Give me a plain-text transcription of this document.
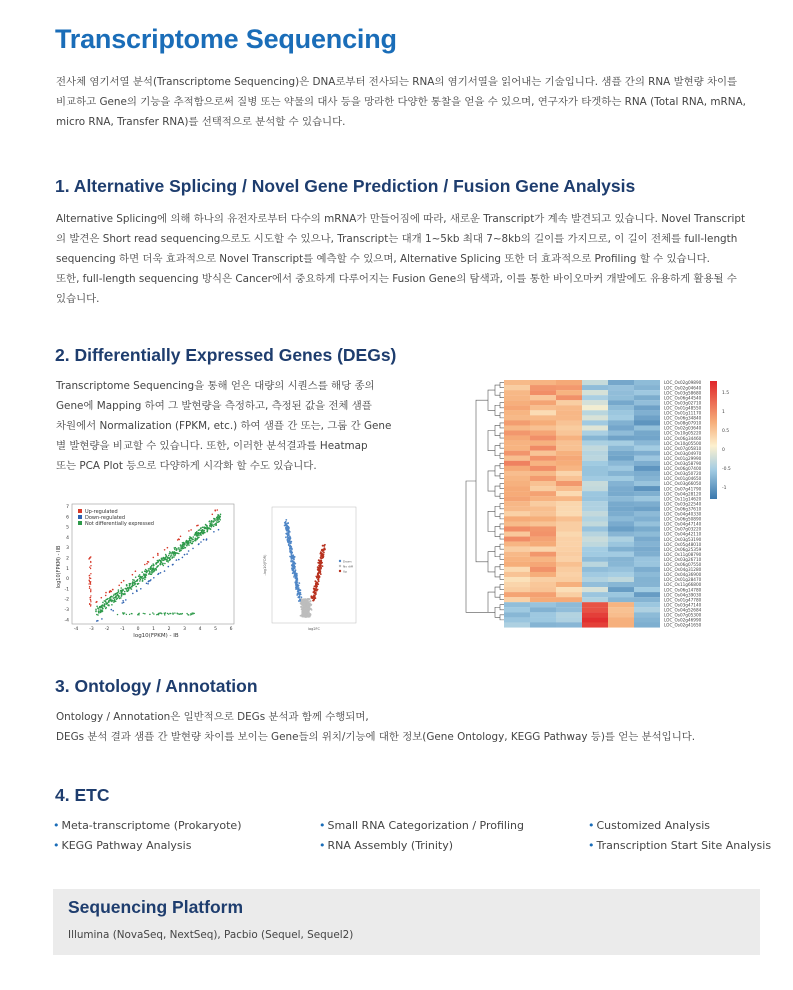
Transcriptome Sequencing
전사체 염기서열 분석(Transcriptome Sequencing)은 DNA로부터 전사되는 RNA의 염기서열을 읽어내는 기술입니다. 샘플 간의 RNA 발현량 차이를
비교하고 Gene의 기능을 추적함으로써 질병 또는 약물의 대사 등을 망라한 다양한 통찰을 얻을 수 있으며, 연구자가 타겟하는 RNA (Total RNA, mRNA,
micro RNA, Transfer RNA)를 선택적으로 분석할 수 있습니다.
1. Alternative Splicing / Novel Gene Prediction / Fusion Gene Analysis
Alternative Splicing에 의해 하나의 유전자로부터 다수의 mRNA가 만들어짐에 따라, 새로운 Transcript가 계속 발견되고 있습니다. Novel Transcript
의 발견은 Short read sequencing으로도 시도할 수 있으나, Transcript는 대개 1~5kb 최대 7~8kb의 길이를 가지므로, 이 길이 전체를 full-length
sequencing 하면 더욱 효과적으로 Novel Transcript를 예측할 수 있으며, Alternative Splicing 또한 더 효과적으로 Profiling 할 수 있습니다.
또한, full-length sequencing 방식은 Cancer에서 중요하게 다루어지는 Fusion Gene의 탐색과, 이를 통한 바이오마커 개발에도 유용하게 활용될 수
있습니다.
2. Differentially Expressed Genes (DEGs)
Transcriptome Sequencing을 통해 얻은 대량의 시퀀스를 해당 종의
Gene에 Mapping 하여 그 발현량을 측정하고, 측정된 값을 전체 샘플
차원에서 Normalization (FPKM, etc.) 하여 샘플 간 또는, 그룹 간 Gene
별 발현량을 비교할 수 있습니다. 또한, 이러한 분석결과를 Heatmap
또는 PCA Plot 등으로 다양하게 시각화 할 수도 있습니다.
Up-regulated
Down-regulated
Not differentially expressed
-4 -3 -2 -1	0	1	2	3	4	5	6
7
6
5
4
3
2
1
0
-1
-2
-3
-4
log10(FPKM) - IB
log10(FPKM) - IIB	Down
No diff
Up
log2FC
-log10(FDR)
LOC_Os02g09890
LOC_Os02g04640
LOC_Os03g58680
LOC_Os06g44540
LOC_Os03g02710
LOC_Os01g48550
LOC_Os01g11170
LOC_Os06g34840
LOC_Os08g07910
LOC_Os02g03640
LOC_Os10g05220
LOC_Os06g34460
LOC_Os10g05500
LOC_Os07g05810
LOC_Os03g04970
LOC_Os01g29990
LOC_Os03g58790
LOC_Os06g07400
LOC_Os03g50720
LOC_Os01g04650
LOC_Os03g66050
LOC_Os07g41790
LOC_Os04g28120
LOC_Os11g14620
LOC_Os03g22540
LOC_Os06g37610
LOC_Os04g40330
LOC_Os06g50890
LOC_Os04g47140
LOC_Os07g03220
LOC_Os04g42110
LOC_Os03g53190
LOC_Os05g48010
LOC_Os06g25359
LOC_Os11g08790
LOC_Os03g26710
LOC_Os06g07550
LOC_Os04g31280
LOC_Os04g36900
LOC_Os01g28470
LOC_Os11g66800
LOC_Os06g14780
LOC_Os04g39030
LOC_Os01g47780
LOC_Os03g47140
LOC_Os04g52684
LOC_Os07g05300
LOC_Os02g46990
LOC_Os02g41650
1.5
1
0.5
0
-0.5
-1
3. Ontology / Annotation
Ontology / Annotation은 일반적으로 DEGs 분석과 함께 수행되며,
DEGs 분석 결과 샘플 간 발현량 차이를 보이는 Gene들의 위치/기능에 대한 정보(Gene Ontology, KEGG Pathway 등)를 얻는 분석입니다.
4. ETC
• Meta-transcriptome (Prokaryote)	• Small RNA Categorization / Profiling	• Customized Analysis
• KEGG Pathway Analysis	• RNA Assembly (Trinity)	• Transcription Start Site Analysis
Sequencing Platform
Illumina (NovaSeq, NextSeq), Pacbio (Sequel, Sequel2)
